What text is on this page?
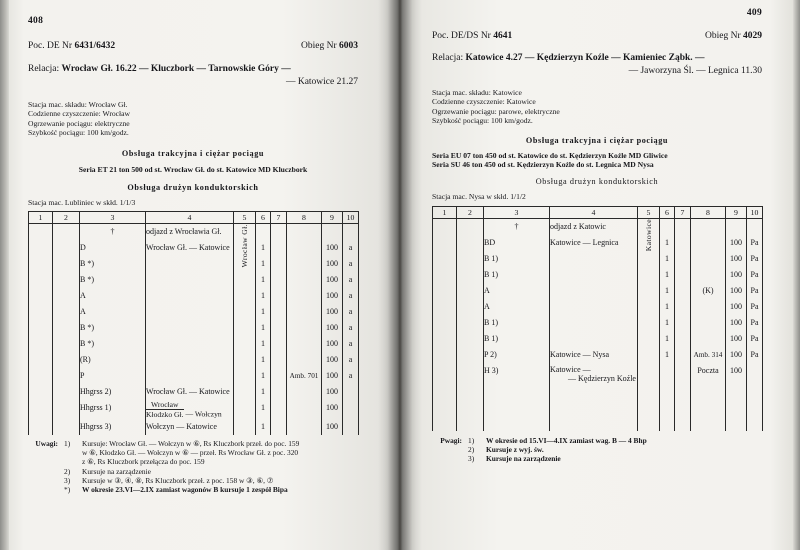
408
Poc. DE Nr 6431/6432	Obieg Nr 6003
Relacja: Wrocław Gł. 16.22 — Kluczbork — Tarnowskie Góry —
— Katowice 21.27
Stacja mac. składu: Wrocław Gł.
Codzienne czyszczenie: Wrocław
Ogrzewanie pociągu: elektryczne
Szybkość pociągu: 100 km/godz.
Obsługa trakcyjna i ciężar pociągu
Seria ET 21 ton 500 od st. Wrocław Gł. do st. Katowice MD Kluczbork
Obsługa drużyn konduktorskich
Stacja mac. Lubliniec w skłd. 1/1/3
1	2	3	4	5	6	7	8	9	10
		†	odjazd z Wrocławia Gł.	Wrocław Gł.					
		D	Wrocław Gł. — Katowice		1			100	a
		B *)			1			100	a
		B *)			1			100	a
		A			1			100	a
		A			1			100	a
		B *)			1			100	a
		B *)			1			100	a
		(R)			1			100	a
		P			1		Amb. 701	100	a
		Hhgrss 2)	Wrocław Gł. — Katowice		1			100	
		Hhgrss 1)	$\frac{\text{Wrocław}}{\text{Kłodzko Gł.}}$ — Wołczyn		1			100	
		Hhgrss 3)	Wołczyn — Katowice		1			100	
Uwagi: 1)	Kursuje: Wrocław Gł. — Wołczyn w ⑥, Rs Kluczbork przeł. do poc. 159
w ⑥, Kłodzko Gł. — Wołczyn w ⑥ — przeł. Rs Wrocław Gł. z poc. 320
z ⑥, Rs Kluczbork przełącza do poc. 159
2)	Kursuje na zarządzenie
3)	Kursuje w ③, ④, ⑧, Rs Kluczbork przeł. z poc. 158 w ③, ⑥, ⑦
*)	W okresie 23.VI—2.IX zamiast wagonów B kursuje 1 zespół Bipa
409
Poc. DE/DS Nr 4641	Obieg Nr 4029
Relacja: Katowice 4.27 — Kędzierzyn Koźle — Kamieniec Ząbk. —
— Jaworzyna Śl. — Legnica 11.30
Stacja mac. składu: Katowice
Codzienne czyszczenie: Katowice
Ogrzewanie pociągu: parowe, elektryczne
Szybkość pociągu: 100 km/godz.
Obsługa trakcyjna i ciężar pociągu
Seria EU 07 ton 450 od st. Katowice do st. Kędzierzyn Koźle MD Gliwice
Seria SU 46 ton 450 od st. Kędzierzyn Koźle do st. Legnica MD Nysa
Obsługa drużyn konduktorskich
Stacja mac. Nysa w skłd. 1/1/2
1	2	3	4	5	6	7	8	9	10
		†	odjazd z Katowic	Katowice					
		BD	Katowice — Legnica		1			100	Pa
		B 1)			1			100	Pa
		B 1)			1			100	Pa
		A			1		(K)	100	Pa
		A			1			100	Pa
		B 1)			1			100	Pa
		B 1)			1			100	Pa
		P 2)	Katowice — Nysa		1		Amb. 314	100	Pa
		H 3)	Katowice —
— Kędzierzyn Koźle				Poczta	100	

Pwagi: 1)	W okresie od 15.VI—4.IX zamiast wag. B — 4 Bhp
2)	Kursuje z wyj. św.
3)	Kursuje na zarządzenie
